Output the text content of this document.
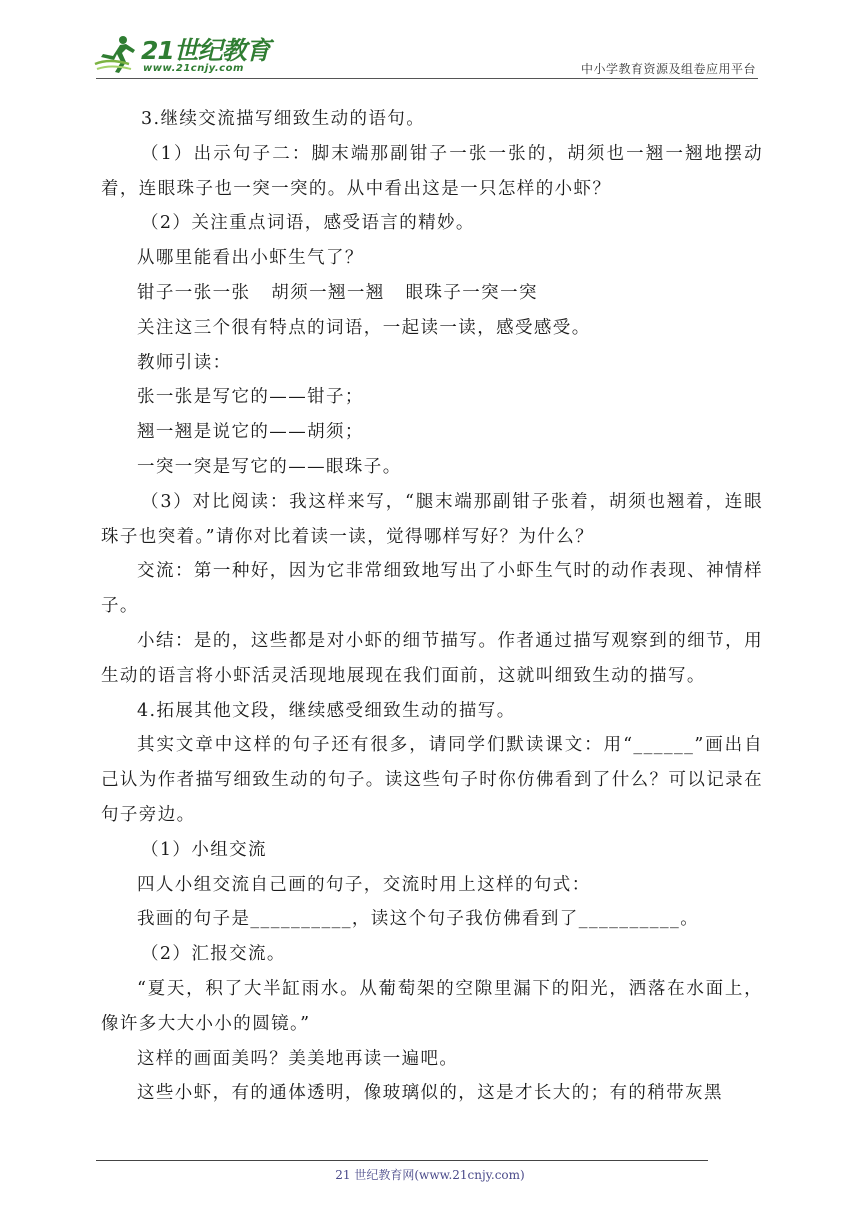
21世纪教育
www.21cnjy.com	中小学教育资源及组卷应用平台

3.继续交流描写细致生动的语句。

（1）出示句子二：脚末端那副钳子一张一张的，胡须也一翘一翘地摆动着，连眼珠子也一突一突的。从中看出这是一只怎样的小虾？

（2）关注重点词语，感受语言的精妙。

从哪里能看出小虾生气了？

钳子一张一张   胡须一翘一翘   眼珠子一突一突

关注这三个很有特点的词语，一起读一读，感受感受。

教师引读：

张一张是写它的——钳子；

翘一翘是说它的——胡须；

一突一突是写它的——眼珠子。

（3）对比阅读：我这样来写，“腿末端那副钳子张着，胡须也翘着，连眼珠子也突着。”请你对比着读一读，觉得哪样写好？为什么？

交流：第一种好，因为它非常细致地写出了小虾生气时的动作表现、神情样子。

小结：是的，这些都是对小虾的细节描写。作者通过描写观察到的细节，用生动的语言将小虾活灵活现地展现在我们面前，这就叫细致生动的描写。

4.拓展其他文段，继续感受细致生动的描写。

其实文章中这样的句子还有很多，请同学们默读课文：用“______”画出自己认为作者描写细致生动的句子。读这些句子时你仿佛看到了什么？可以记录在句子旁边。

（1）小组交流

四人小组交流自己画的句子，交流时用上这样的句式：

我画的句子是__________，读这个句子我仿佛看到了__________。

（2）汇报交流。

“夏天，积了大半缸雨水。从葡萄架的空隙里漏下的阳光，洒落在水面上，像许多大大小小的圆镜。”

这样的画面美吗？美美地再读一遍吧。

这些小虾，有的通体透明，像玻璃似的，这是才长大的；有的稍带灰黑

21 世纪教育网(www.21cnjy.com)
